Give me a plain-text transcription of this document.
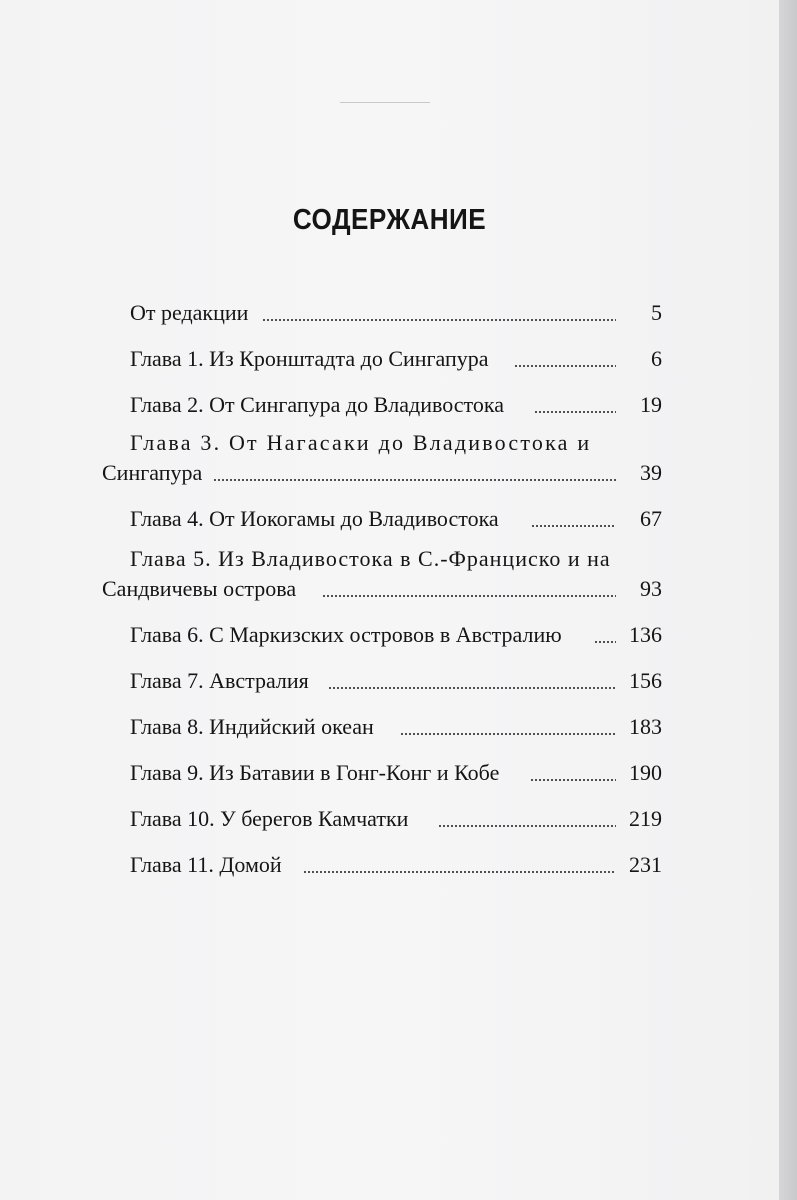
СОДЕРЖАНИЕ
От редакции	5
Глава 1. Из Кронштадта до Сингапура	6
Глава 2. От Сингапура до Владивостока	19
Глава 3. От Нагасаки до Владивостока и
Сингапура	39
Глава 4. От Иокогамы до Владивостока	67
Глава 5. Из Владивостока в С.-Франциско и на
Сандвичевы острова	93
Глава 6. С Маркизских островов в Австралию	136
Глава 7. Австралия	156
Глава 8. Индийский океан	183
Глава 9. Из Батавии в Гонг-Конг и Кобе	190
Глава 10. У берегов Камчатки	219
Глава 11. Домой	231
